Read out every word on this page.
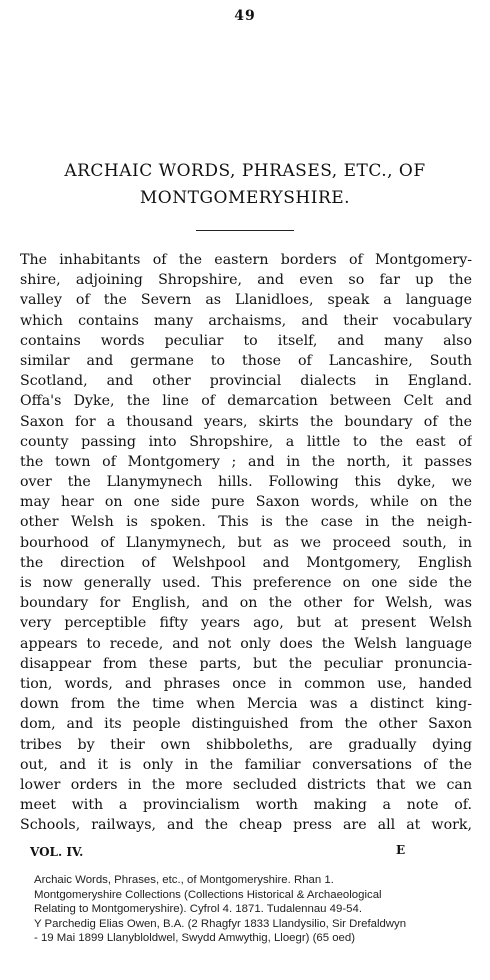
49
ARCHAIC WORDS, PHRASES, ETC., OF
MONTGOMERYSHIRE.
The inhabitants of the eastern borders of Montgomery-
shire, adjoining Shropshire, and even so far up the
valley of the Severn as Llanidloes, speak a language
which contains many archaisms, and their vocabulary
contains words peculiar to itself, and many also
similar and germane to those of Lancashire, South
Scotland, and other provincial dialects in England.
Offa's Dyke, the line of demarcation between Celt and
Saxon for a thousand years, skirts the boundary of the
county passing into Shropshire, a little to the east of
the town of Montgomery ; and in the north, it passes
over the Llanymynech hills. Following this dyke, we
may hear on one side pure Saxon words, while on the
other Welsh is spoken. This is the case in the neigh-
bourhood of Llanymynech, but as we proceed south, in
the direction of Welshpool and Montgomery, English
is now generally used. This preference on one side the
boundary for English, and on the other for Welsh, was
very perceptible fifty years ago, but at present Welsh
appears to recede, and not only does the Welsh language
disappear from these parts, but the peculiar pronuncia-
tion, words, and phrases once in common use, handed
down from the time when Mercia was a distinct king-
dom, and its people distinguished from the other Saxon
tribes by their own shibboleths, are gradually dying
out, and it is only in the familiar conversations of the
lower orders in the more secluded districts that we can
meet with a provincialism worth making a note of.
Schools, railways, and the cheap press are all at work,
VOL. IV.	E
Archaic Words, Phrases, etc., of Montgomeryshire. Rhan 1.
Montgomeryshire Collections (Collections Historical & Archaeological
Relating to Montgomeryshire). Cyfrol 4. 1871. Tudalennau 49-54.
Y Parchedig Elias Owen, B.A. (2 Rhagfyr 1833 Llandysilio, Sir Drefaldwyn
- 19 Mai 1899 Llanybloldwel, Swydd Amwythig, Lloegr) (65 oed)
